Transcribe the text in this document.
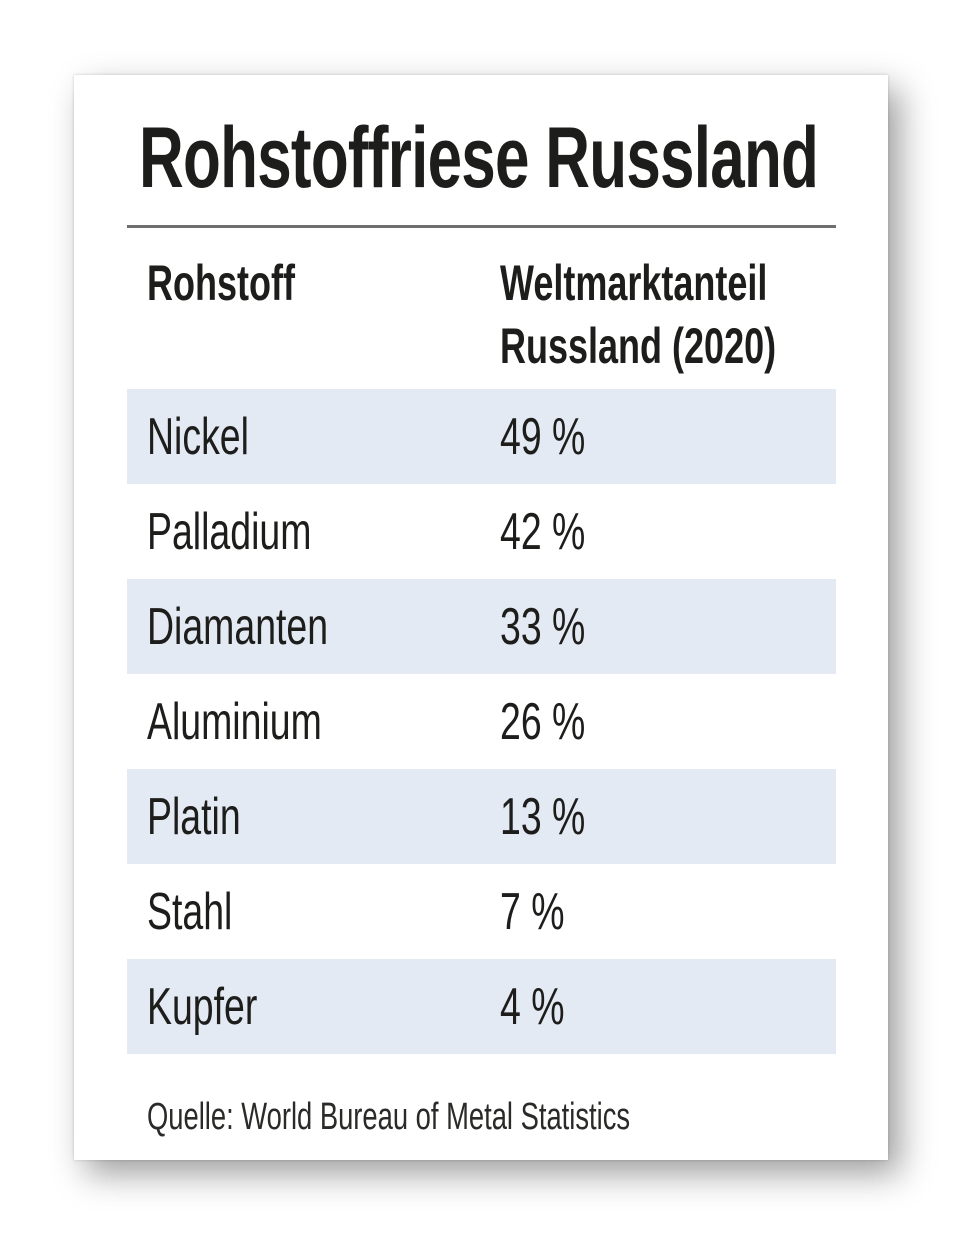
Rohstoffriese Russland
Rohstoff	Weltmarktanteil
Russland (2020)
Nickel	49 %
Palladium	42 %
Diamanten	33 %
Aluminium	26 %
Platin	13 %
Stahl	7 %
Kupfer	4 %
Quelle: World Bureau of Metal Statistics
